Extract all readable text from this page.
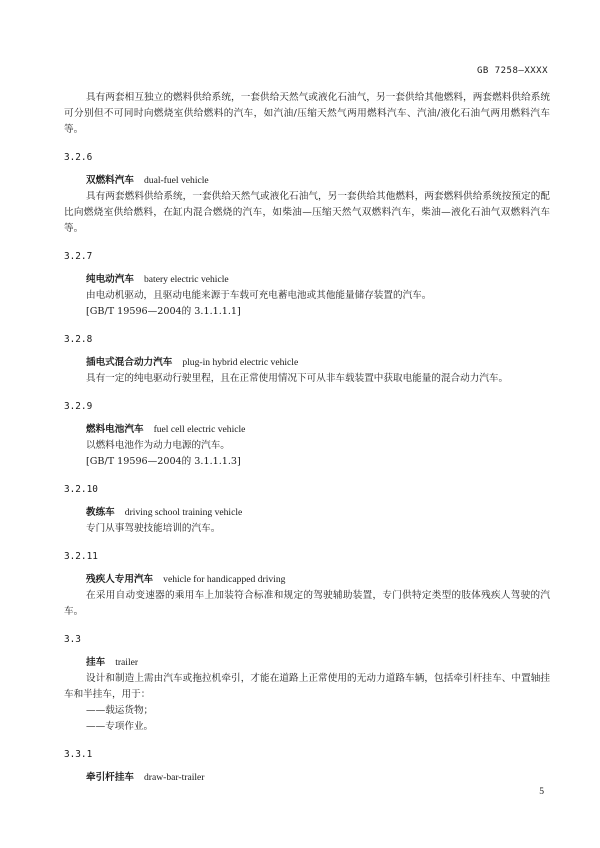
GB 7258—XXXX

具有两套相互独立的燃料供给系统，一套供给天然气或液化石油气，另一套供给其他燃料，两套燃料供给系统可分别但不可同时向燃烧室供给燃料的汽车，如汽油/压缩天然气两用燃料汽车、汽油/液化石油气两用燃料汽车等。

3.2.6

双燃料汽车 dual-fuel vehicle

具有两套燃料供给系统，一套供给天然气或液化石油气，另一套供给其他燃料，两套燃料供给系统按预定的配比向燃烧室供给燃料，在缸内混合燃烧的汽车，如柴油—压缩天然气双燃料汽车，柴油—液化石油气双燃料汽车等。

3.2.7

纯电动汽车 batery electric vehicle

由电动机驱动，且驱动电能来源于车载可充电蓄电池或其他能量储存装置的汽车。

[GB/T 19596—2004的 3.1.1.1.1]

3.2.8

插电式混合动力汽车 plug-in hybrid electric vehicle

具有一定的纯电驱动行驶里程，且在正常使用情况下可从非车载装置中获取电能量的混合动力汽车。

3.2.9

燃料电池汽车 fuel cell electric vehicle

以燃料电池作为动力电源的汽车。

[GB/T 19596—2004的 3.1.1.1.3]

3.2.10

教练车 driving school training vehicle

专门从事驾驶技能培训的汽车。

3.2.11

残疾人专用汽车 vehicle for handicapped driving

在采用自动变速器的乘用车上加装符合标准和规定的驾驶辅助装置，专门供特定类型的肢体残疾人驾驶的汽车。

3.3

挂车 trailer

设计和制造上需由汽车或拖拉机牵引，才能在道路上正常使用的无动力道路车辆，包括牵引杆挂车、中置轴挂车和半挂车，用于：

——载运货物；

——专项作业。

3.3.1

牵引杆挂车 draw-bar-trailer

5
